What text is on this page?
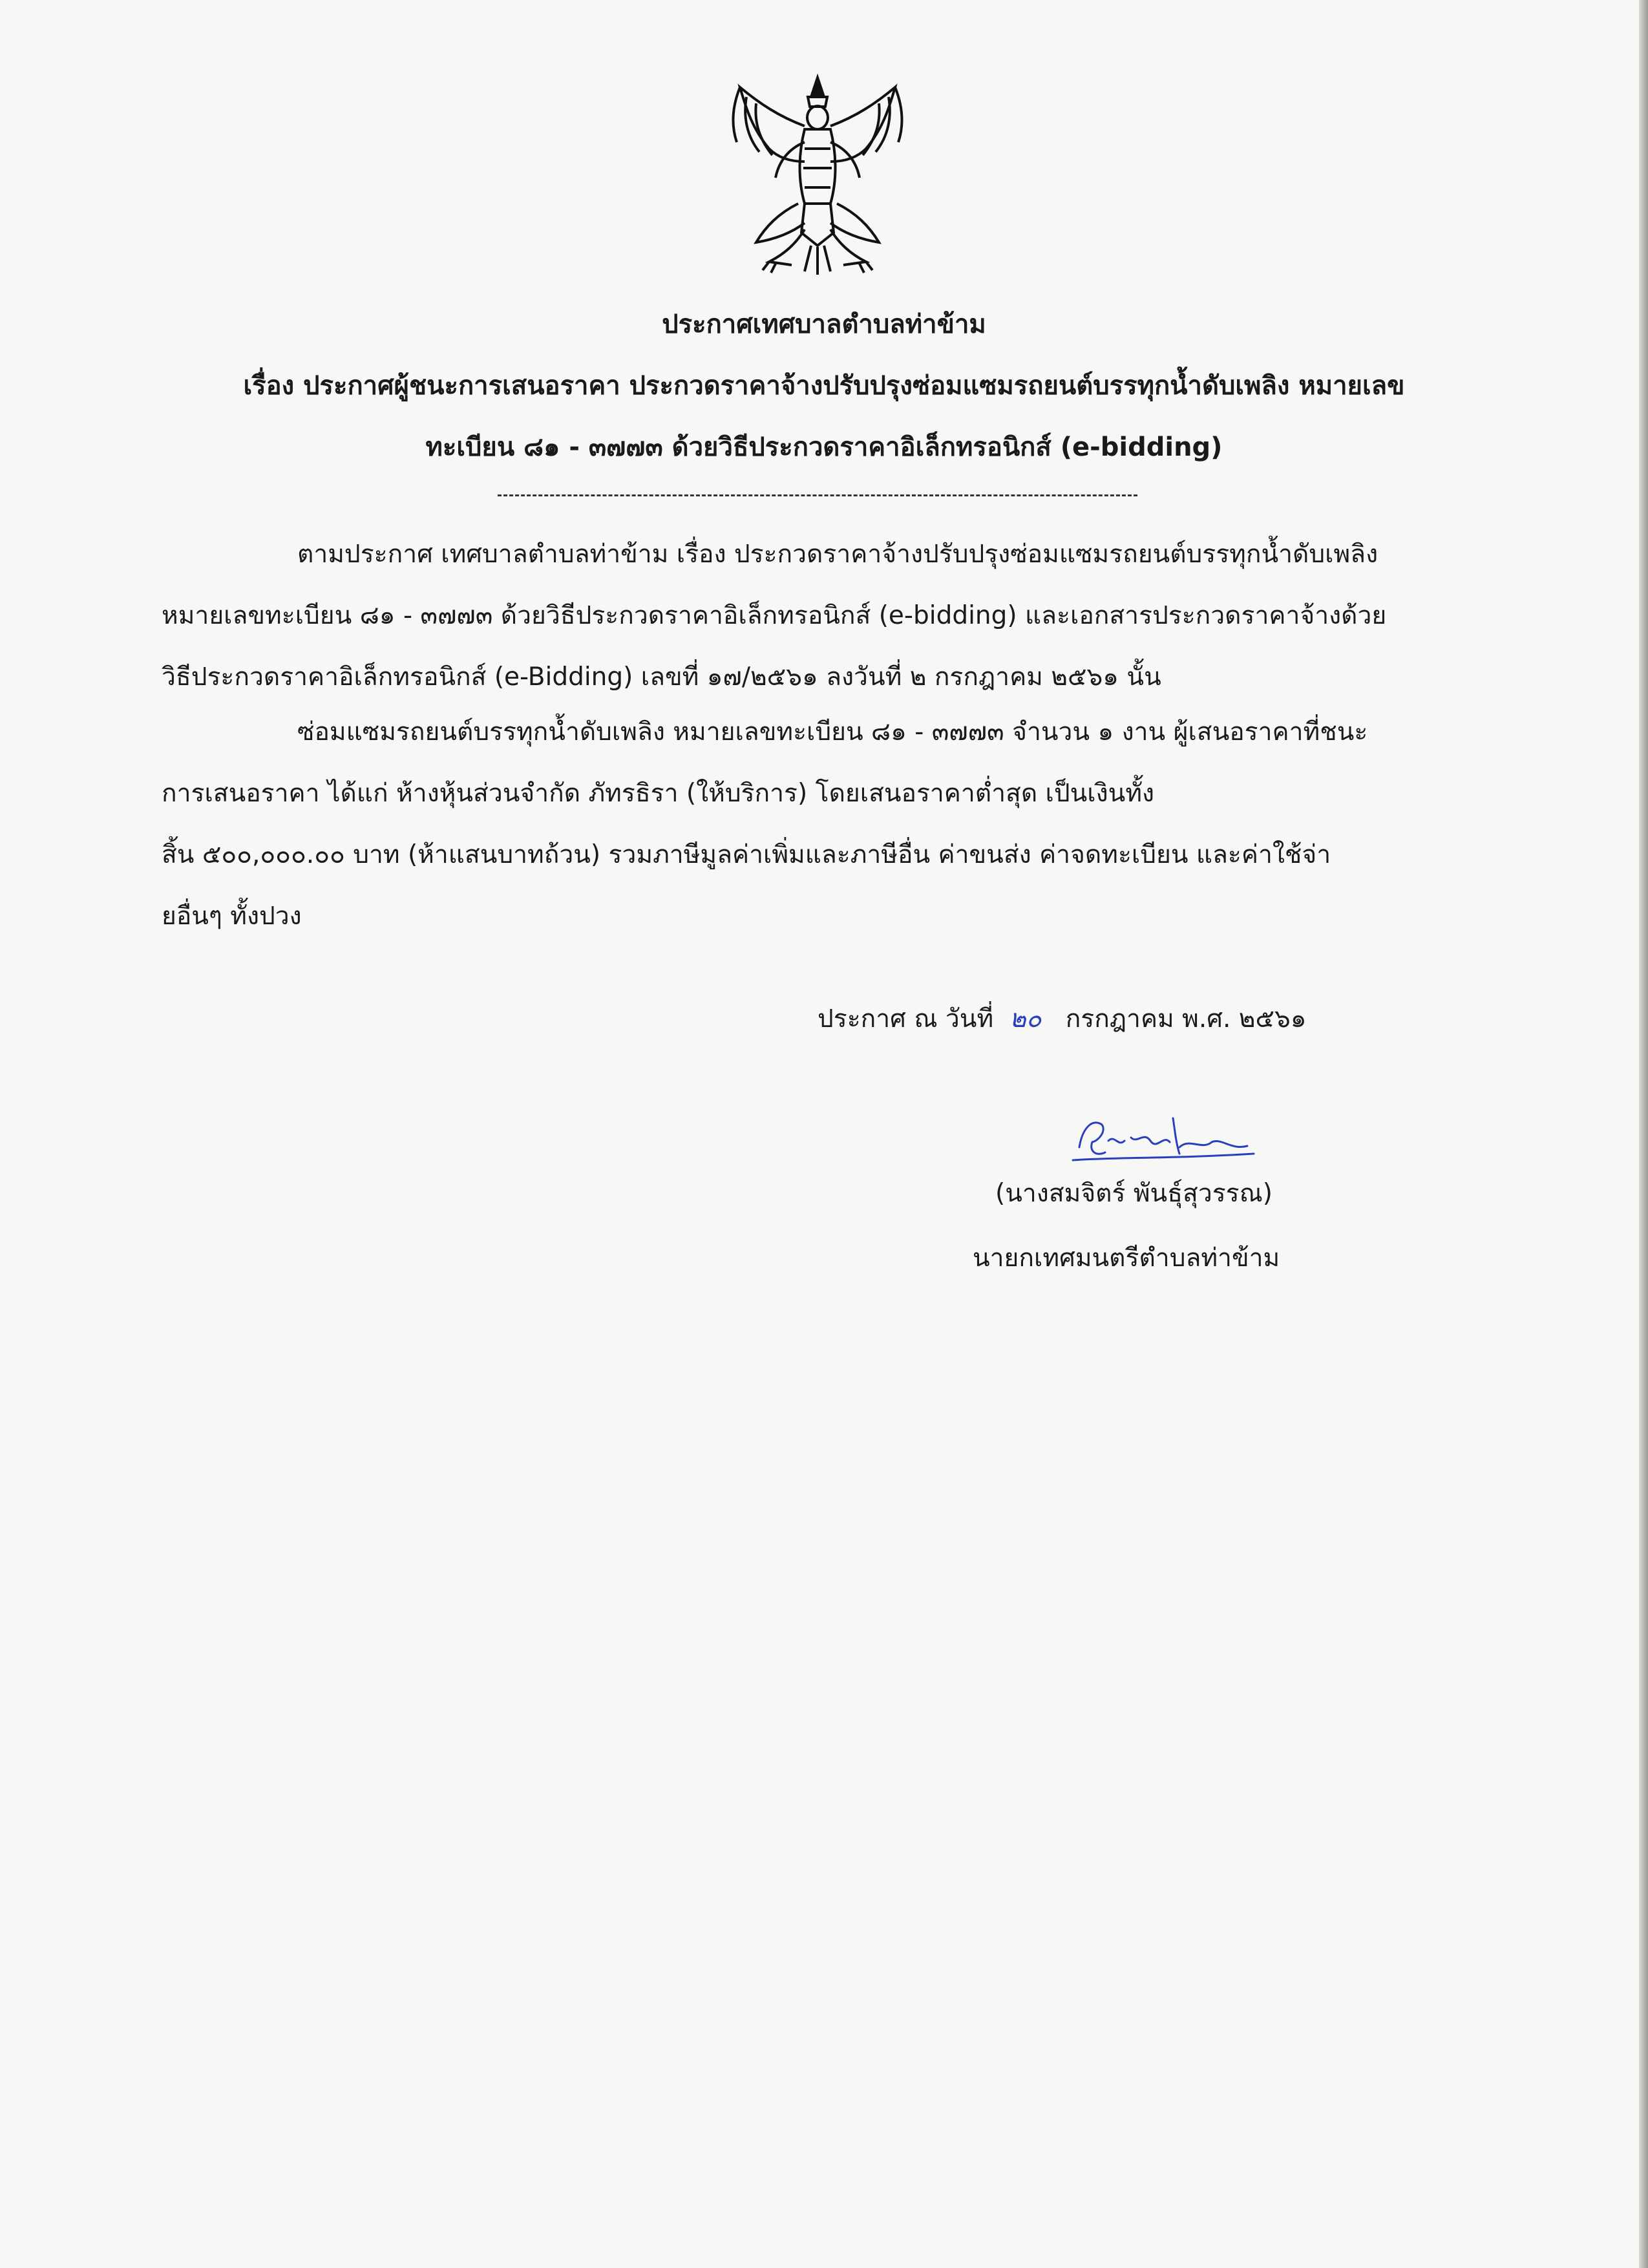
ประกาศเทศบาลตำบลท่าข้าม
เรื่อง ประกาศผู้ชนะการเสนอราคา ประกวดราคาจ้างปรับปรุงซ่อมแซมรถยนต์บรรทุกน้ำดับเพลิง หมายเลข
ทะเบียน ๘๑ - ๓๗๗๓ ด้วยวิธีประกวดราคาอิเล็กทรอนิกส์ (e-bidding)
ตามประกาศ เทศบาลตำบลท่าข้าม เรื่อง ประกวดราคาจ้างปรับปรุงซ่อมแซมรถยนต์บรรทุกน้ำดับเพลิง
หมายเลขทะเบียน ๘๑ - ๓๗๗๓ ด้วยวิธีประกวดราคาอิเล็กทรอนิกส์ (e-bidding) และเอกสารประกวดราคาจ้างด้วย
วิธีประกวดราคาอิเล็กทรอนิกส์ (e-Bidding) เลขที่ ๑๗/๒๕๖๑ ลงวันที่ ๒ กรกฎาคม ๒๕๖๑ นั้น
ซ่อมแซมรถยนต์บรรทุกน้ำดับเพลิง หมายเลขทะเบียน ๘๑ - ๓๗๗๓ จำนวน ๑ งาน ผู้เสนอราคาที่ชนะ
การเสนอราคา ได้แก่ ห้างหุ้นส่วนจำกัด ภัทรธิรา (ให้บริการ) โดยเสนอราคาต่ำสุด เป็นเงินทั้ง
สิ้น ๕๐๐,๐๐๐.๐๐ บาท (ห้าแสนบาทถ้วน) รวมภาษีมูลค่าเพิ่มและภาษีอื่น ค่าขนส่ง ค่าจดทะเบียน และค่าใช้จ่า
ยอื่นๆ ทั้งปวง
ประกาศ ณ วันที่ ๒๐ กรกฎาคม พ.ศ. ๒๕๖๑
(นางสมจิตร์ พันธุ์สุวรรณ)
นายกเทศมนตรีตำบลท่าข้าม
